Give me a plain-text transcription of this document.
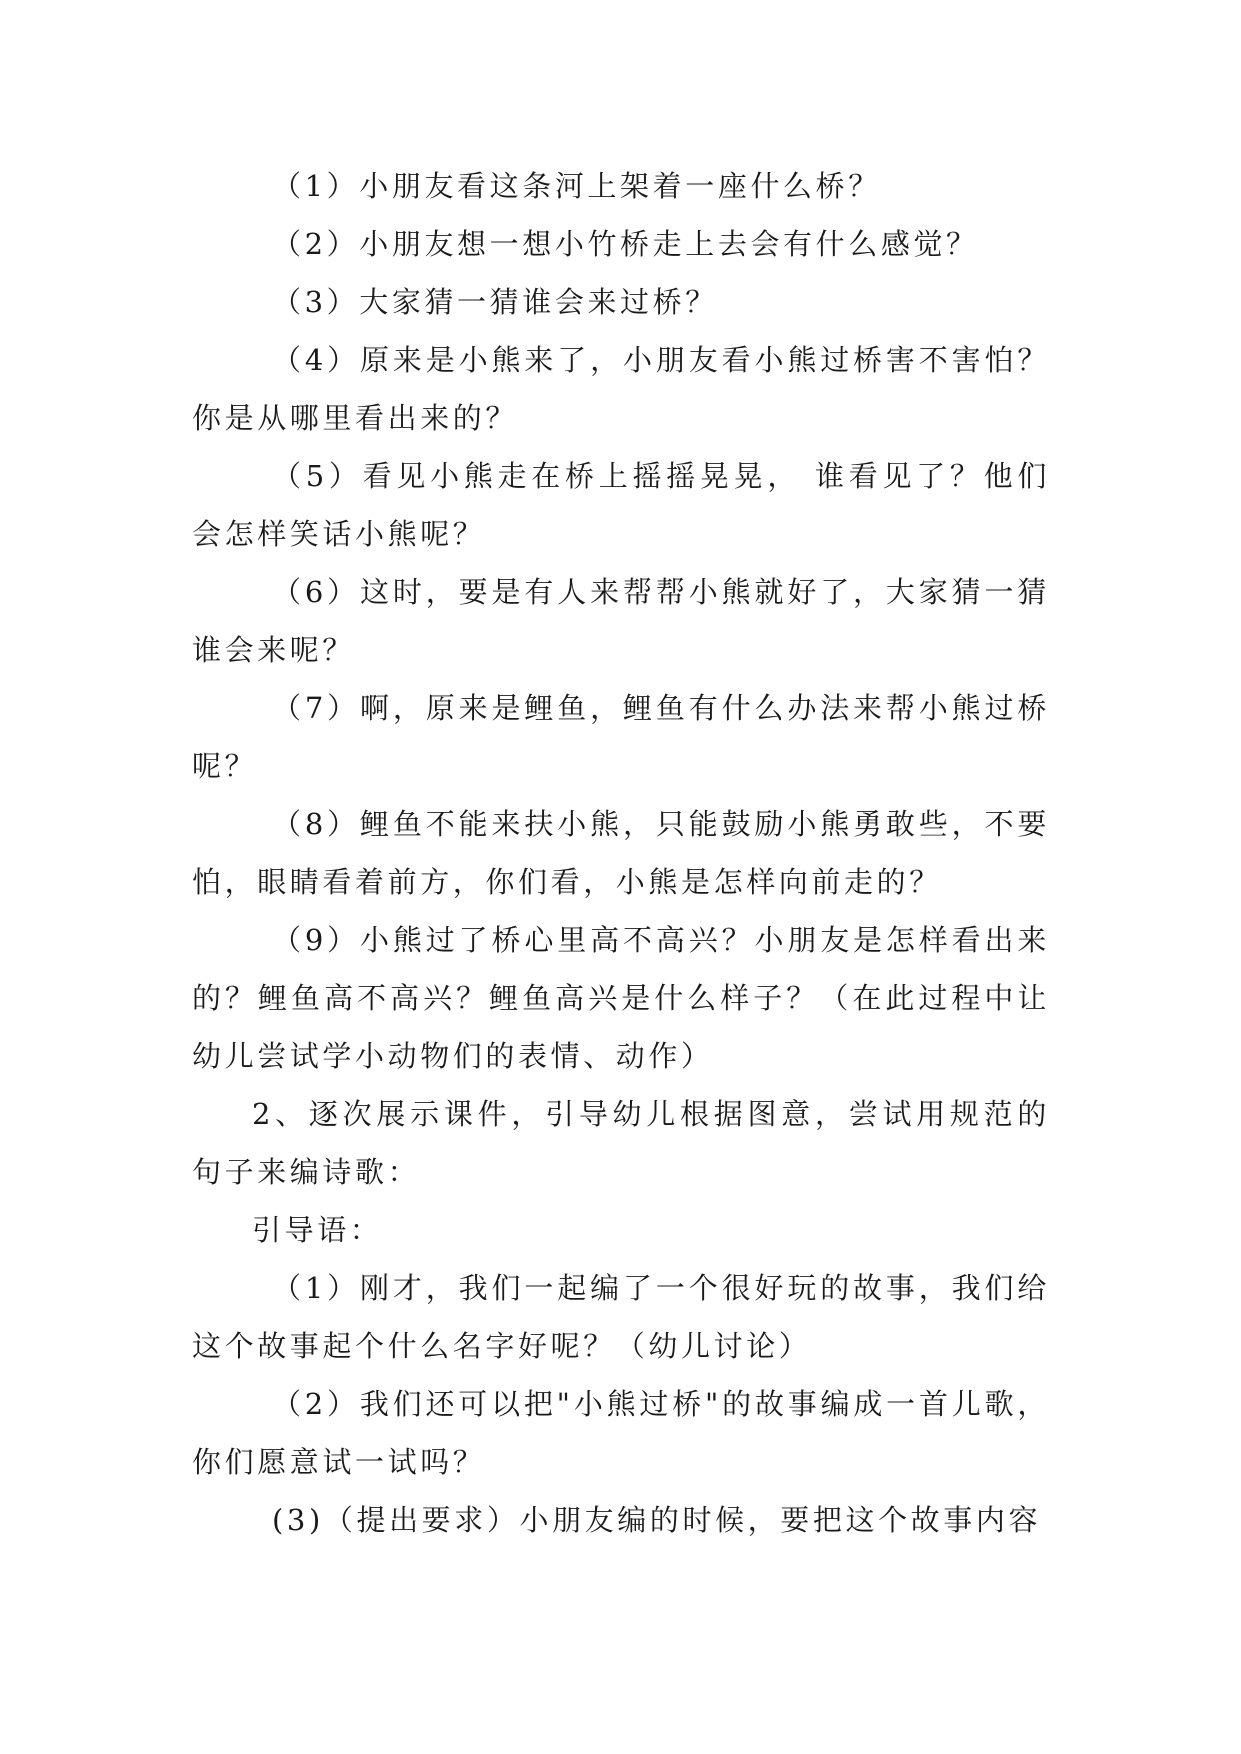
（1）小朋友看这条河上架着一座什么桥？

（2）小朋友想一想小竹桥走上去会有什么感觉？

（3）大家猜一猜谁会来过桥？

（4）原来是小熊来了，小朋友看小熊过桥害不害怕？你是从哪里看出来的？

（5）看见小熊走在桥上摇摇晃晃， 谁看见了？他们会怎样笑话小熊呢？

（6）这时，要是有人来帮帮小熊就好了，大家猜一猜谁会来呢？

（7）啊，原来是鲤鱼，鲤鱼有什么办法来帮小熊过桥呢？

（8）鲤鱼不能来扶小熊，只能鼓励小熊勇敢些，不要怕，眼睛看着前方，你们看，小熊是怎样向前走的？

（9）小熊过了桥心里高不高兴？小朋友是怎样看出来的？鲤鱼高不高兴？鲤鱼高兴是什么样子？（在此过程中让幼儿尝试学小动物们的表情、动作）

2、逐次展示课件，引导幼儿根据图意，尝试用规范的句子来编诗歌：

引导语：

（1）刚才，我们一起编了一个很好玩的故事，我们给这个故事起个什么名字好呢？（幼儿讨论）

（2）我们还可以把"小熊过桥"的故事编成一首儿歌，你们愿意试一试吗？

(3)（提出要求）小朋友编的时候，要把这个故事内容
